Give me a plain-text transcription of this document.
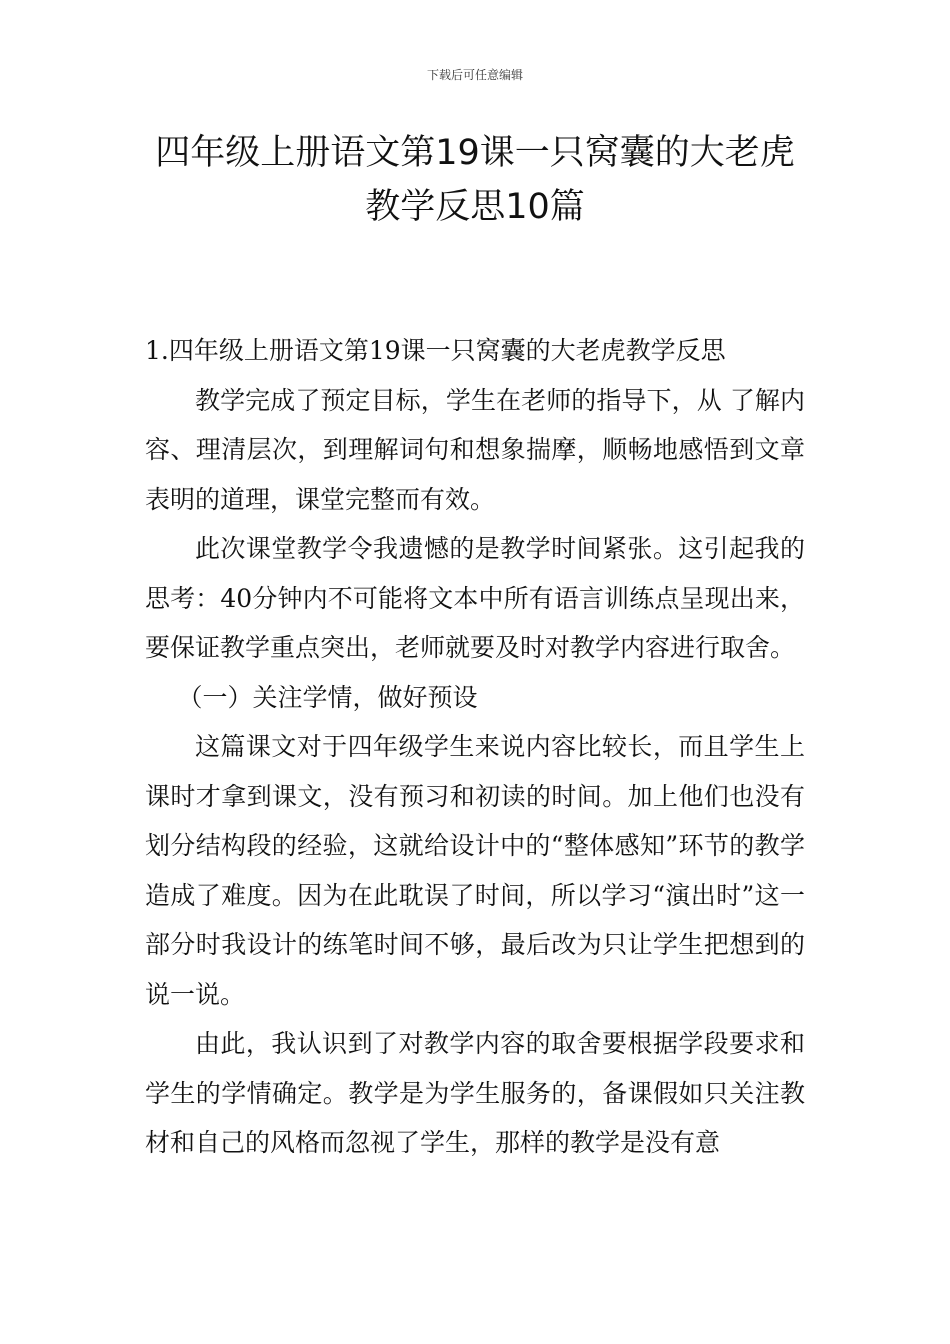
下载后可任意编辑
四年级上册语文第19课一只窝囊的大老虎
教学反思10篇

1.四年级上册语文第19课一只窝囊的大老虎教学反思

教学完成了预定目标，学生在老师的指导下，从 了解内容、理清层次，到理解词句和想象揣摩，顺畅地感悟到文章表明的道理，课堂完整而有效。

此次课堂教学令我遗憾的是教学时间紧张。这引起我的思考：40分钟内不可能将文本中所有语言训练点呈现出来，要保证教学重点突出，老师就要及时对教学内容进行取舍。

（一）关注学情，做好预设

这篇课文对于四年级学生来说内容比较长，而且学生上课时才拿到课文，没有预习和初读的时间。加上他们也没有划分结构段的经验，这就给设计中的“整体感知”环节的教学造成了难度。因为在此耽误了时间，所以学习“演出时”这一部分时我设计的练笔时间不够，最后改为只让学生把想到的说一说。

由此，我认识到了对教学内容的取舍要根据学段要求和学生的学情确定。教学是为学生服务的，备课假如只关注教材和自己的风格而忽视了学生，那样的教学是没有意
